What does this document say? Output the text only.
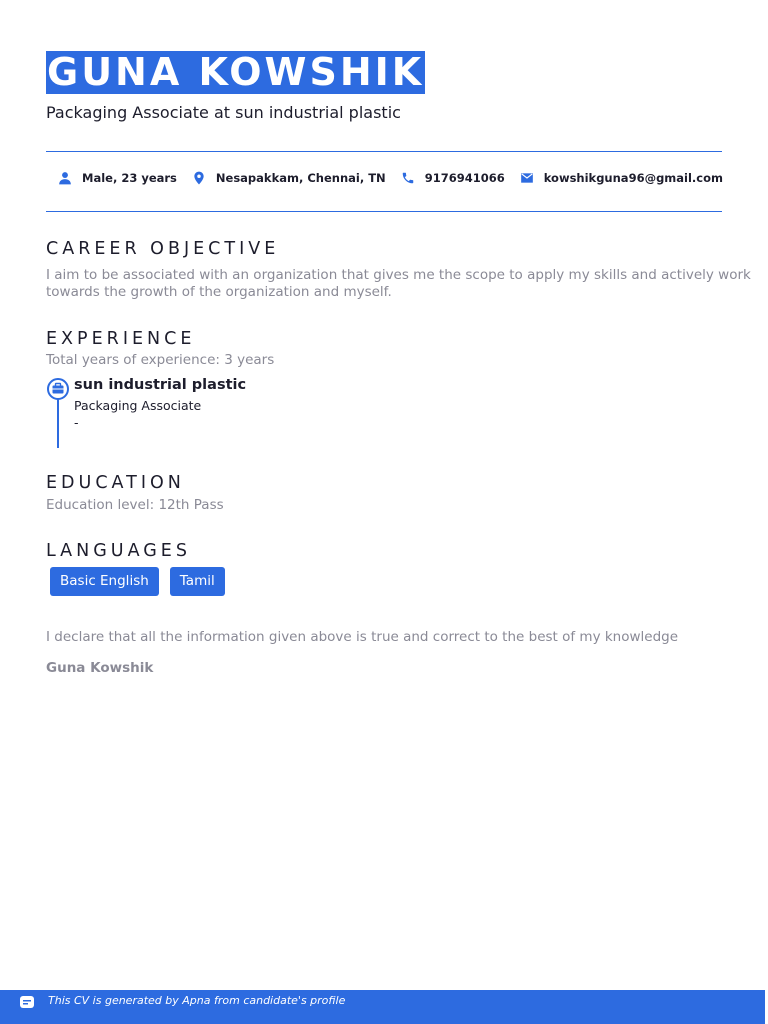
GUNA KOWSHIK
Packaging Associate at sun industrial plastic
Male, 23 years	Nesapakkam, Chennai, TN	9176941066	kowshikguna96@gmail.com
CAREER OBJECTIVE
I aim to be associated with an organization that gives me the scope to apply my skills and actively work
towards the growth of the organization and myself.
EXPERIENCE
Total years of experience: 3 years
sun industrial plastic
Packaging Associate
-
EDUCATION
Education level: 12th Pass
LANGUAGES
Basic English	Tamil
I declare that all the information given above is true and correct to the best of my knowledge
Guna Kowshik
This CV is generated by Apna from candidate's profile
